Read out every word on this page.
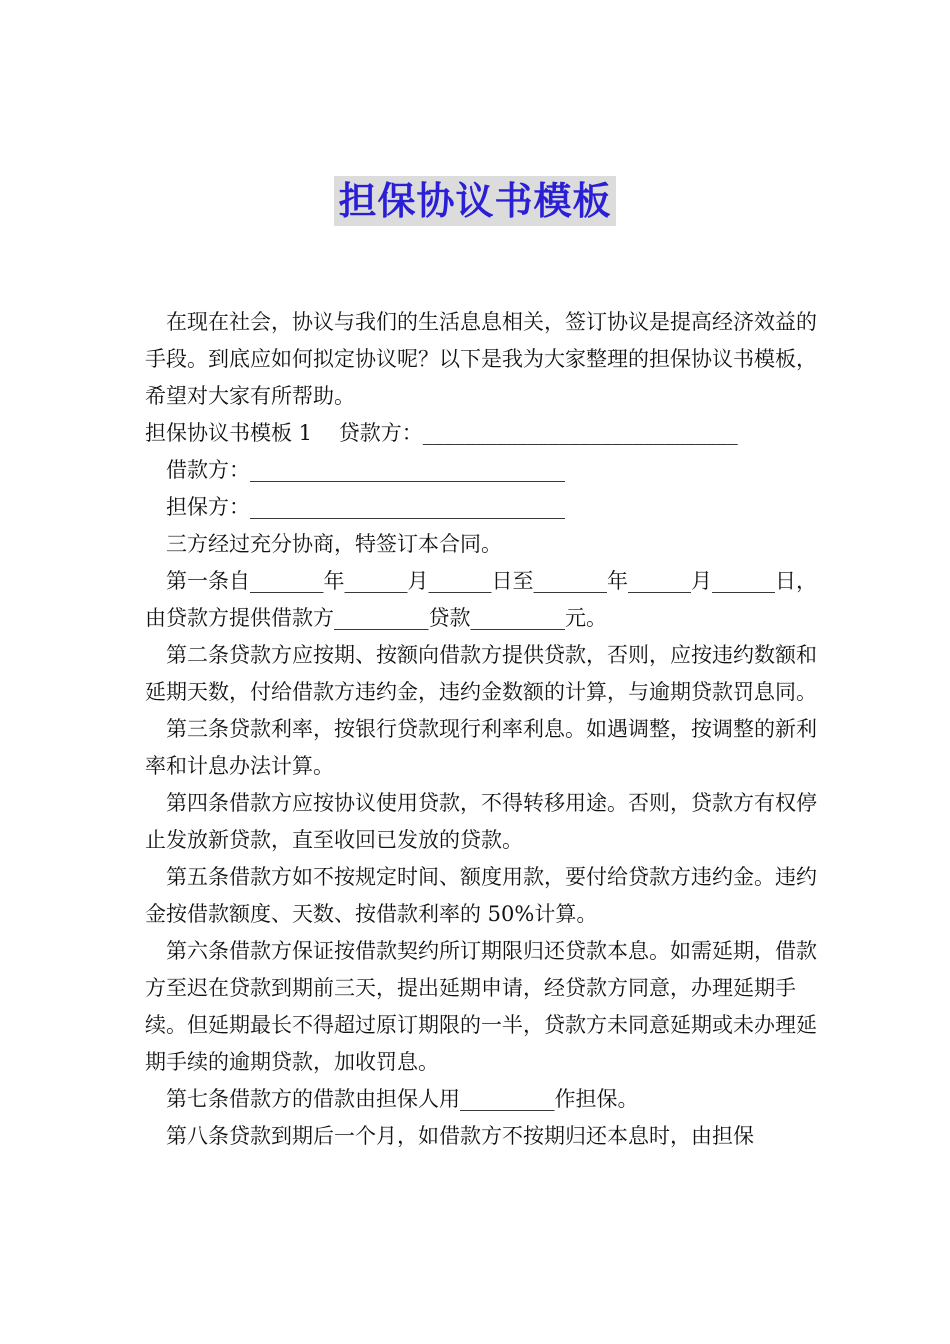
担保协议书模板

在现在社会，协议与我们的生活息息相关，签订协议是提高经济效益的手段。到底应如何拟定协议呢？以下是我为大家整理的担保协议书模板，希望对大家有所帮助。

担保协议书模板 1    贷款方：______________________________

借款方：______________________________

担保方：______________________________

三方经过充分协商，特签订本合同。

第一条自_______年______月______日至_______年______月______日，由贷款方提供借款方_________贷款_________元。

第二条贷款方应按期、按额向借款方提供贷款，否则，应按违约数额和延期天数，付给借款方违约金，违约金数额的计算，与逾期贷款罚息同。

第三条贷款利率，按银行贷款现行利率利息。如遇调整，按调整的新利率和计息办法计算。

第四条借款方应按协议使用贷款，不得转移用途。否则，贷款方有权停止发放新贷款，直至收回已发放的贷款。

第五条借款方如不按规定时间、额度用款，要付给贷款方违约金。违约金按借款额度、天数、按借款利率的 50%计算。

第六条借款方保证按借款契约所订期限归还贷款本息。如需延期，借款方至迟在贷款到期前三天，提出延期申请，经贷款方同意，办理延期手续。但延期最长不得超过原订期限的一半，贷款方未同意延期或未办理延期手续的逾期贷款，加收罚息。

第七条借款方的借款由担保人用_________作担保。

第八条贷款到期后一个月，如借款方不按期归还本息时，由担保
